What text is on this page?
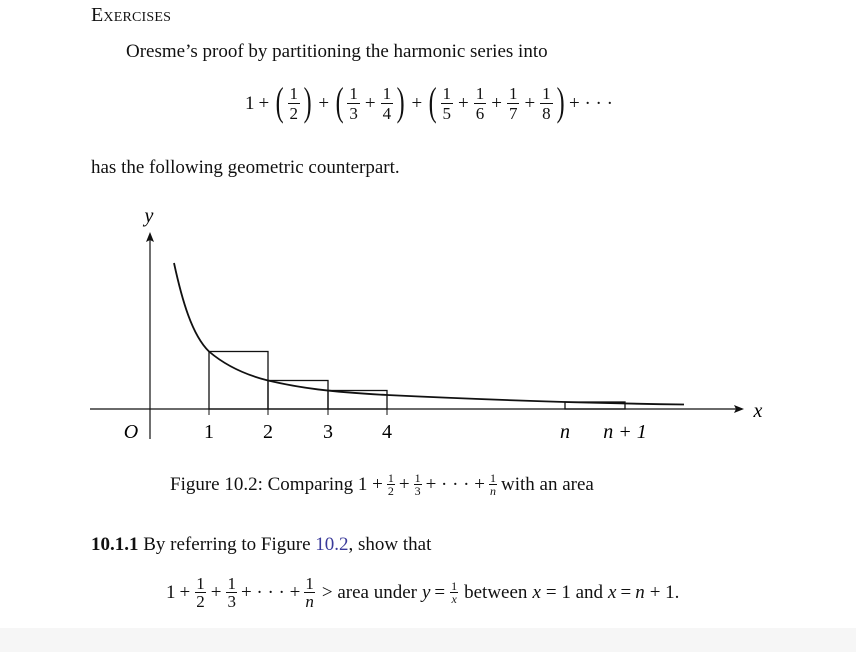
Exercises
Oresme’s proof by partitioning the harmonic series into
1 + ( $\frac{1}{2}$ ) + ( $\frac{1}{3} + \frac{1}{4}$ ) + ( $\frac{1}{5} + \frac{1}{6} + \frac{1}{7} + \frac{1}{8}$ ) + · · ·
has the following geometric counterpart.
y
x
O	1 2	3 4	n n + 1
Figure 10.2: Comparing $1 + \frac{1}{2} + \frac{1}{3}$ + · · · + $\frac{1}{n}$ with an area
10.1.1 By referring to Figure 10.2, show that
$1 + \frac{1}{2} + \frac{1}{3}$ + · · · + $\frac{1}{n}$ > area under $y = \frac{1}{x}$ between x = 1 and x = n + 1.
